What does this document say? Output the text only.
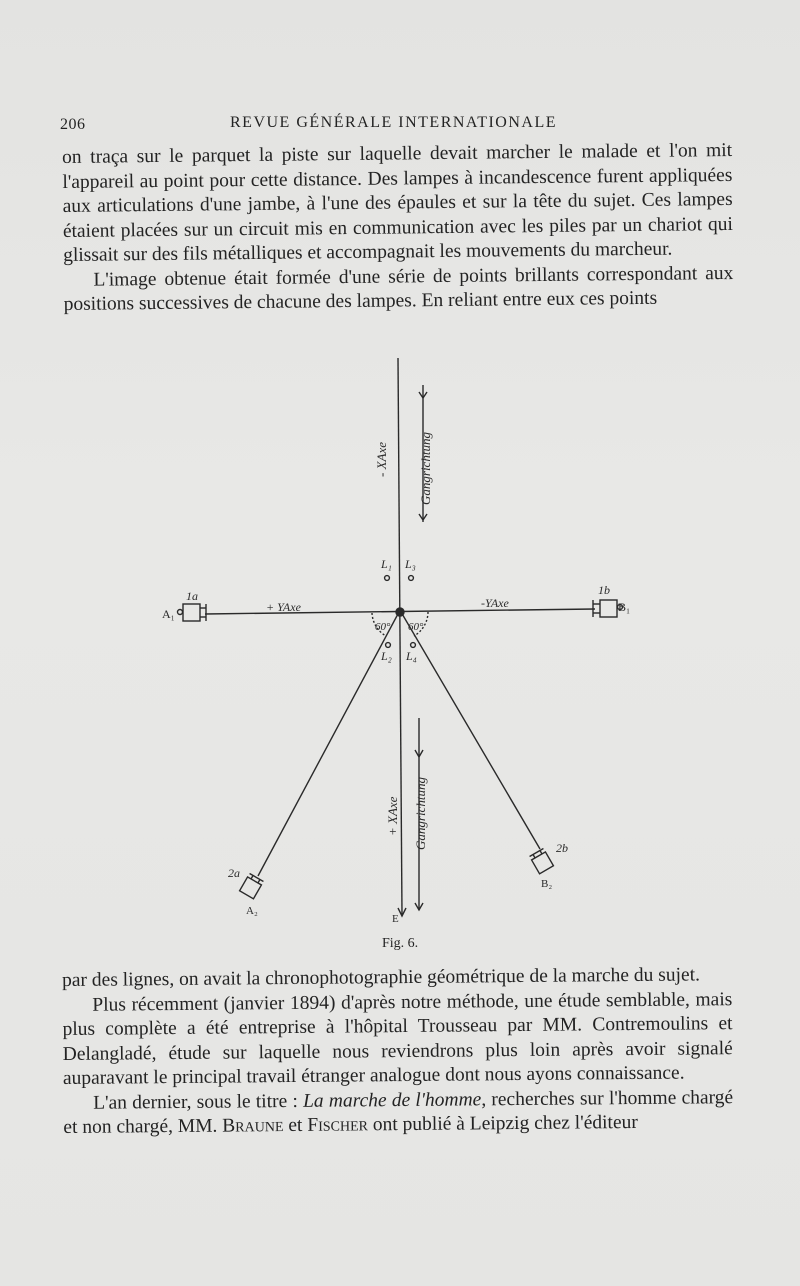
206	REVUE GÉNÉRALE INTERNATIONALE

on traça sur le parquet la piste sur laquelle devait marcher le malade et l'on mit l'appareil au point pour cette distance. Des lampes à incandescence furent appliquées aux articulations d'une jambe, à l'une des épaules et sur la tête du sujet. Ces lampes étaient placées sur un circuit mis en communication avec les piles par un chariot qui glissait sur des fils métalliques et accompagnait les mouvements du marcheur.

L'image obtenue était formée d'une série de points brillants correspondant aux positions successives de chacune des lampes. En reliant entre eux ces points

- XAxe Gangrichtung
+ XAxe Gangrichtung
+ YAxe	-YAxe
L₁ L₃
L₂ L₄
60° 60°
1a	1b
2a
2b
A₁	B₁
A₂
B₂
E
Fig. 6.

par des lignes, on avait la chronophotographie géométrique de la marche du sujet.

Plus récemment (janvier 1894) d'après notre méthode, une étude semblable, mais plus complète a été entreprise à l'hôpital Trousseau par MM. Contremoulins et Delangladé, étude sur laquelle nous reviendrons plus loin après avoir signalé auparavant le principal travail étranger analogue dont nous ayons connaissance.

L'an dernier, sous le titre : La marche de l'homme, recherches sur l'homme chargé et non chargé, MM. Braune et Fischer ont publié à Leipzig chez l'éditeur
